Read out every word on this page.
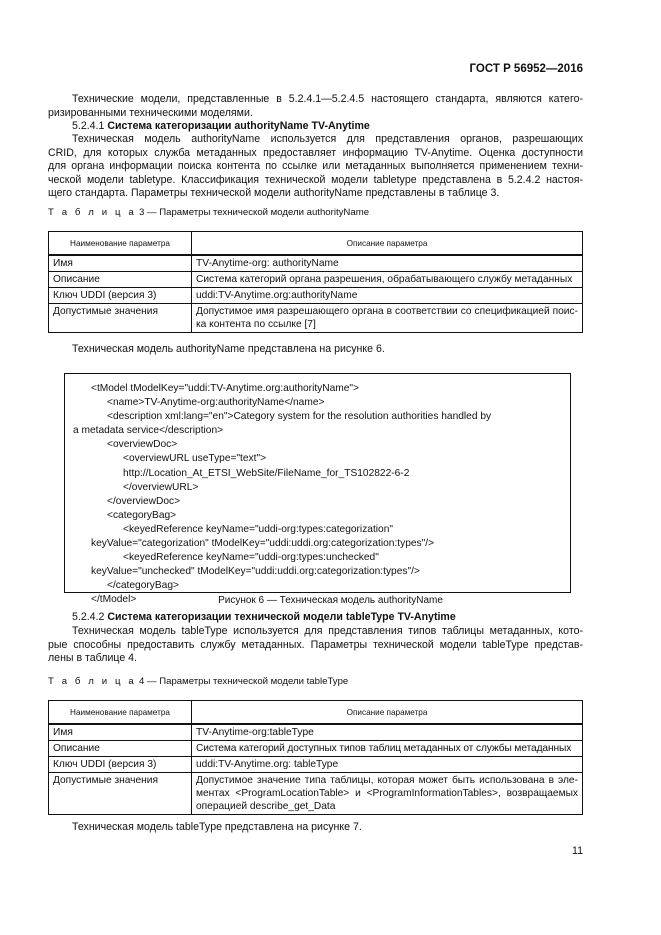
ГОСТ Р 56952—2016
Технические модели, представленные в 5.2.4.1—5.2.4.5 настоящего стандарта, являются катего-
ризированными техническими моделями.
5.2.4.1 Система категоризации authorityName TV-Anytime
Техническая модель authorityName используется для представления органов, разрешающих
CRID, для которых служба метаданных предоставляет информацию TV-Anytime. Оценка доступности
для органа информации поиска контента по ссылке или метаданных выполняется применением техни-
ческой модели tabletype. Классификация технической модели tabletype представлена в 5.2.4.2 настоя-
щего стандарта. Параметры технической модели authorityName представлены в таблице 3.
Т а б л и ц а 3 — Параметры технической модели authorityName
Наименование параметра	Описание параметра
Имя	TV-Anytime-org: authorityName
Описание	Система категорий органа разрешения, обрабатывающего службу метаданных
Ключ UDDI (версия 3)	uddi:TV-Anytime.org:authorityName
Допустимые значения	Допустимое имя разрешающего органа в соответствии со спецификацией поис-ка контента по ссылке [7]
Техническая модель authorityName представлена на рисунке 6.
<tModel tModelKey="uddi:TV-Anytime.org:authorityName">
<name>TV-Anytime-org:authorityName</name>
<description xml:lang="en">Category system for the resolution authorities handled by
a metadata service</description>
<overviewDoc>
<overviewURL useType="text">
http://Location_At_ETSI_WebSite/FileName_for_TS102822-6-2
</overviewURL>
</overviewDoc>
<categoryBag>
<keyedReference keyName="uddi-org:types:categorization"
keyValue="categorization" tModelKey="uddi:uddi.org:categorization:types"/>
<keyedReference keyName="uddi-org:types:unchecked"
keyValue="unchecked" tModelKey="uddi:uddi.org:categorization:types"/>
</categoryBag>
</tModel>	Рисунок 6 — Техническая модель authorityName
5.2.4.2 Система категоризации технической модели tableType TV-Anytime
Техническая модель tableType используется для представления типов таблицы метаданных, кото-
рые способны предоставить службу метаданных. Параметры технической модели tableType представ-
лены в таблице 4.
Т а б л и ц а 4 — Параметры технической модели tableType
Наименование параметра	Описание параметра
Имя	TV-Anytime-org:tableType
Описание	Система категорий доступных типов таблиц метаданных от службы метаданных
Ключ UDDI (версия 3)	uddi:TV-Anytime.org: tableType
Допустимые значения	Допустимое значение типа таблицы, которая может быть использована в эле-ментах <ProgramLocationTable> и <ProgramInformationTables>, возвращаемых операцией describe_get_Data
Техническая модель tableType представлена на рисунке 7.
11
